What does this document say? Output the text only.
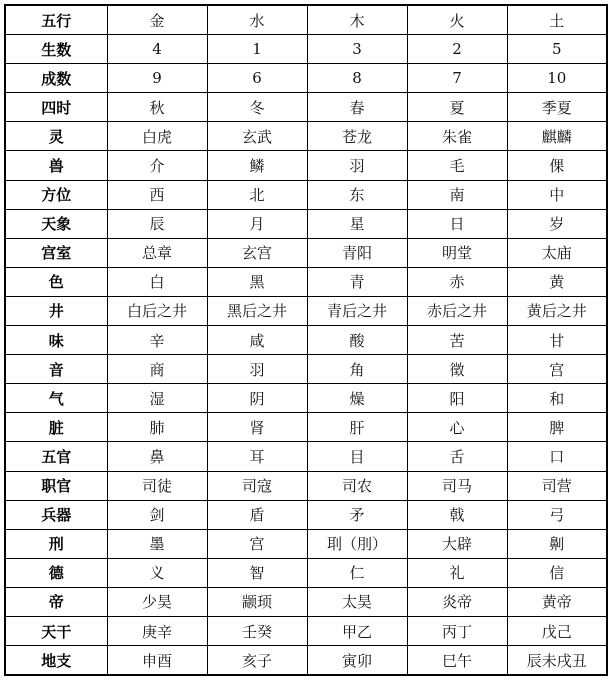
五行	金	水	木	火	土
生数	4	1	3	2	5
成数	9	6	8	7	10
四时	秋	冬	春	夏	季夏
灵	白虎	玄武	苍龙	朱雀	麒麟
兽	介	鳞	羽	毛	倮
方位	西	北	东	南	中
天象	辰	月	星	日	岁
宫室	总章	玄宫	青阳	明堂	太庙
色	白	黑	青	赤	黄
井	白后之井	黑后之井	青后之井	赤后之井	黄后之井
味	辛	咸	酸	苦	甘
音	商	羽	角	徵	宫
气	湿	阴	燥	阳	和
脏	肺	肾	肝	心	脾
五官	鼻	耳	目	舌	口
职官	司徒	司寇	司农	司马	司营
兵器	剑	盾	矛	戟	弓
刑	墨	宫	刵（刖）	大辟	劓
德	义	智	仁	礼	信
帝	少昊	颛顼	太昊	炎帝	黄帝
天干	庚辛	壬癸	甲乙	丙丁	戊己
地支	申酉	亥子	寅卯	巳午	辰未戌丑
